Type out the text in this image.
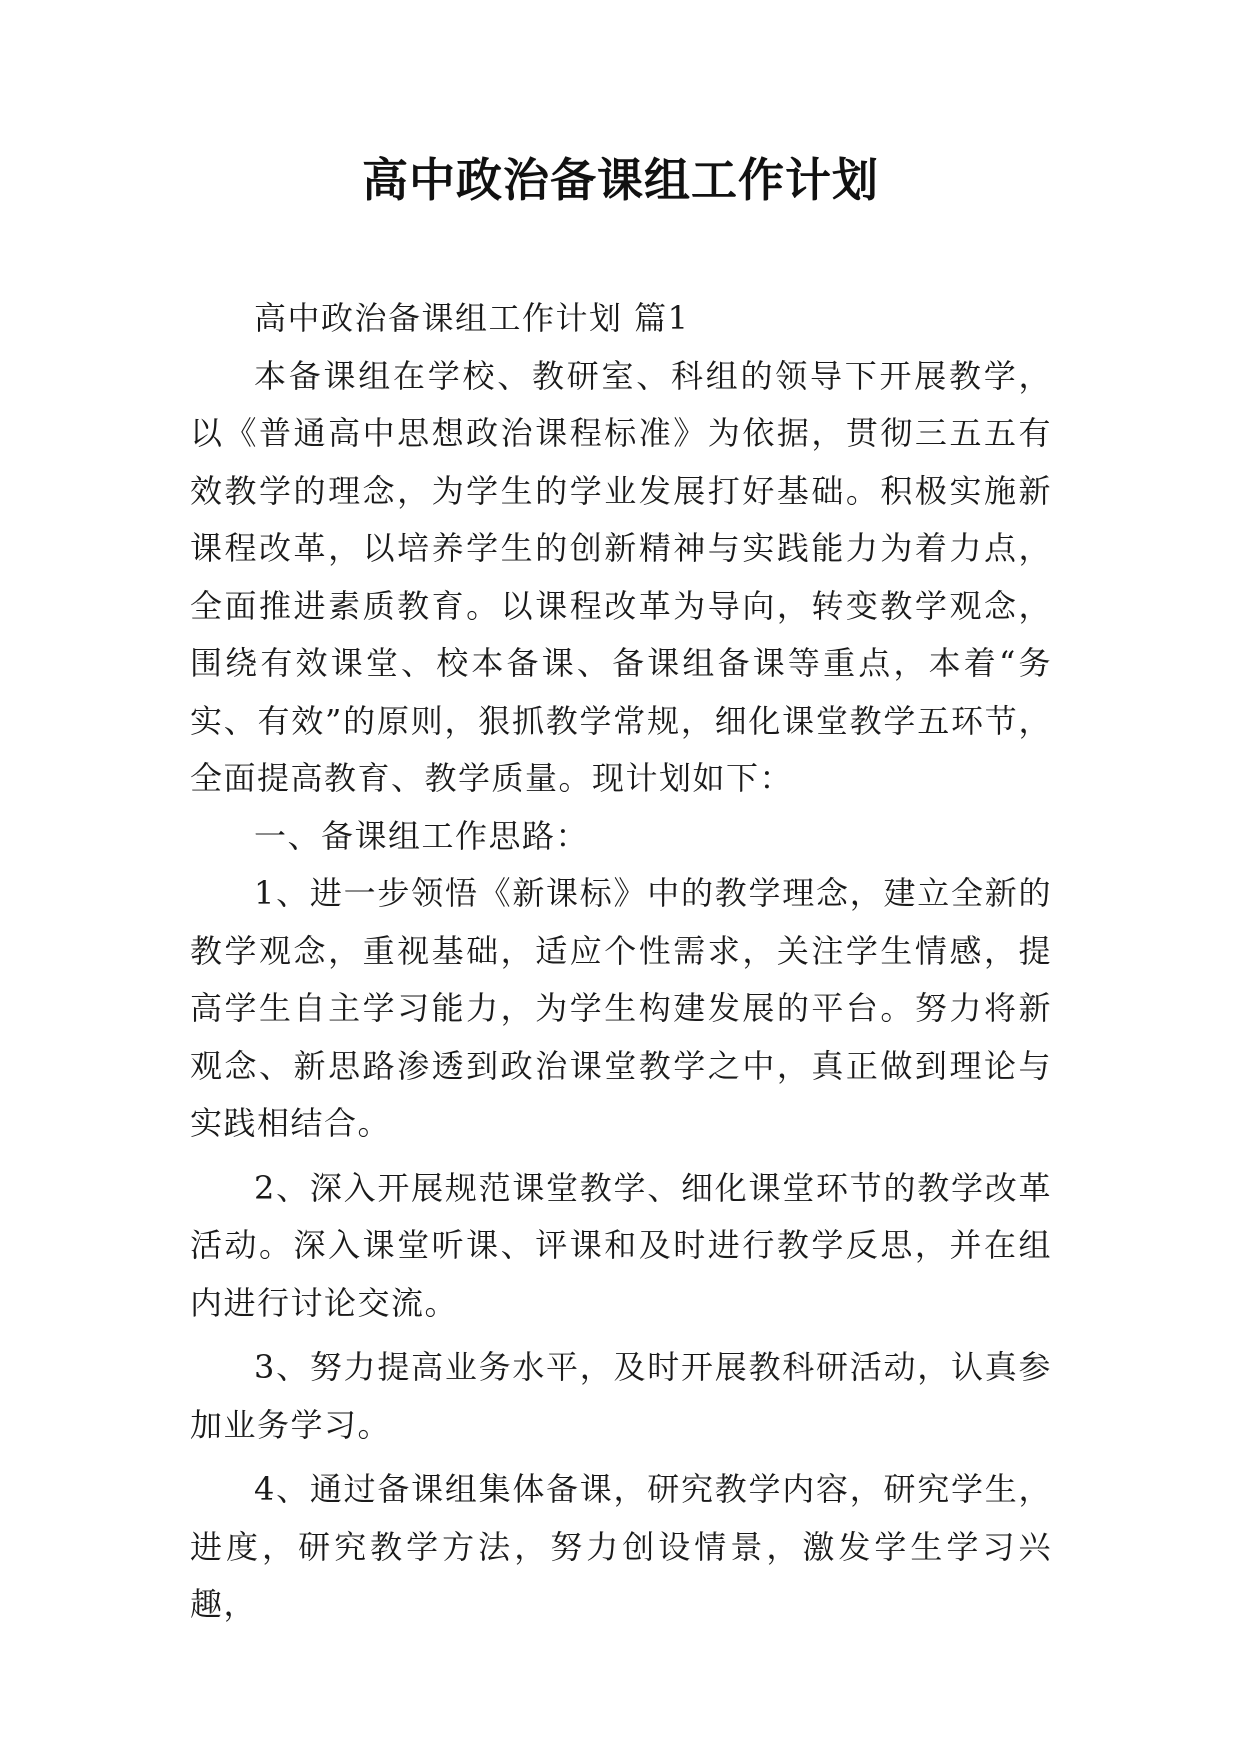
高中政治备课组工作计划

高中政治备课组工作计划 篇1

本备课组在学校、教研室、科组的领导下开展教学，以《普通高中思想政治课程标准》为依据，贯彻三五五有效教学的理念，为学生的学业发展打好基础。积极实施新课程改革，以培养学生的创新精神与实践能力为着力点，全面推进素质教育。以课程改革为导向，转变教学观念，围绕有效课堂、校本备课、备课组备课等重点，本着“务实、有效”的原则，狠抓教学常规，细化课堂教学五环节，全面提高教育、教学质量。现计划如下：

一、备课组工作思路：

1、进一步领悟《新课标》中的教学理念，建立全新的教学观念，重视基础，适应个性需求，关注学生情感，提高学生自主学习能力，为学生构建发展的平台。努力将新观念、新思路渗透到政治课堂教学之中，真正做到理论与实践相结合。

2、深入开展规范课堂教学、细化课堂环节的教学改革活动。深入课堂听课、评课和及时进行教学反思，并在组内进行讨论交流。

3、努力提高业务水平，及时开展教科研活动，认真参加业务学习。

4、通过备课组集体备课，研究教学内容，研究学生，进度，研究教学方法，努力创设情景，激发学生学习兴趣，
